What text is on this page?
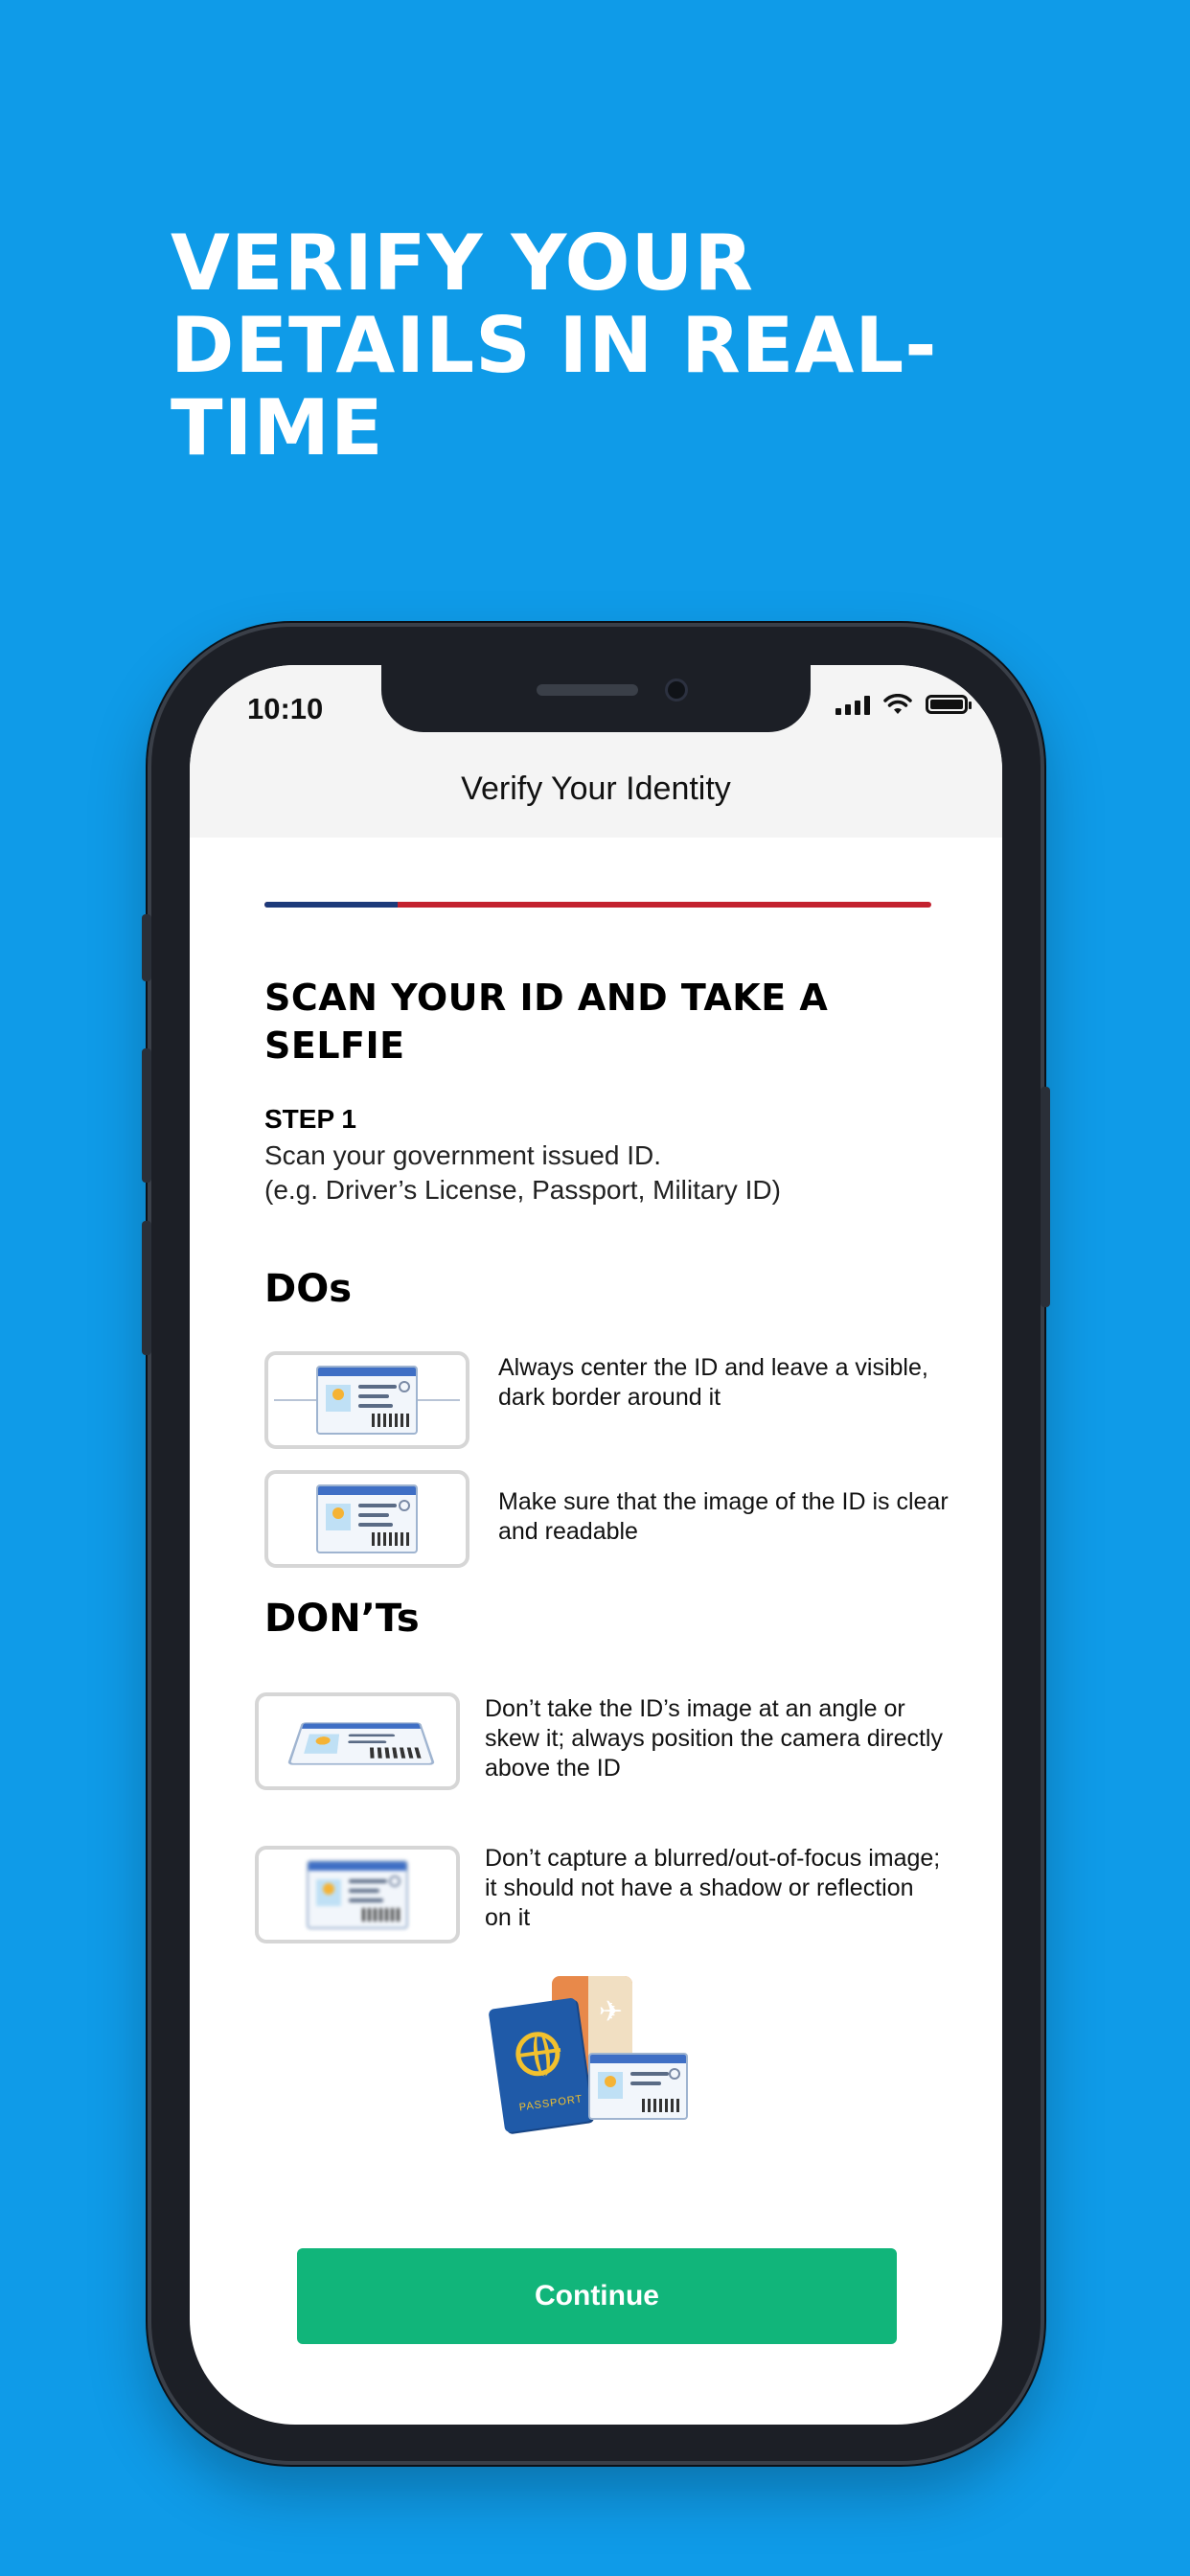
VERIFY YOUR DETAILS IN REAL-TIME
10:10
Verify Your Identity
SCAN YOUR ID AND TAKE A SELFIE
STEP 1
Scan your government issued ID.
(e.g. Driver’s License, Passport, Military ID)
DOs
Always center the ID and leave a visible, dark border around it
Make sure that the image of the ID is clear and readable
DON’Ts
Don’t take the ID’s image at an angle or skew it; always position the camera directly above the ID
Don’t capture a blurred/out-of-focus image; it should not have a shadow or reflection on it
✈
PASSPORT
Continue
